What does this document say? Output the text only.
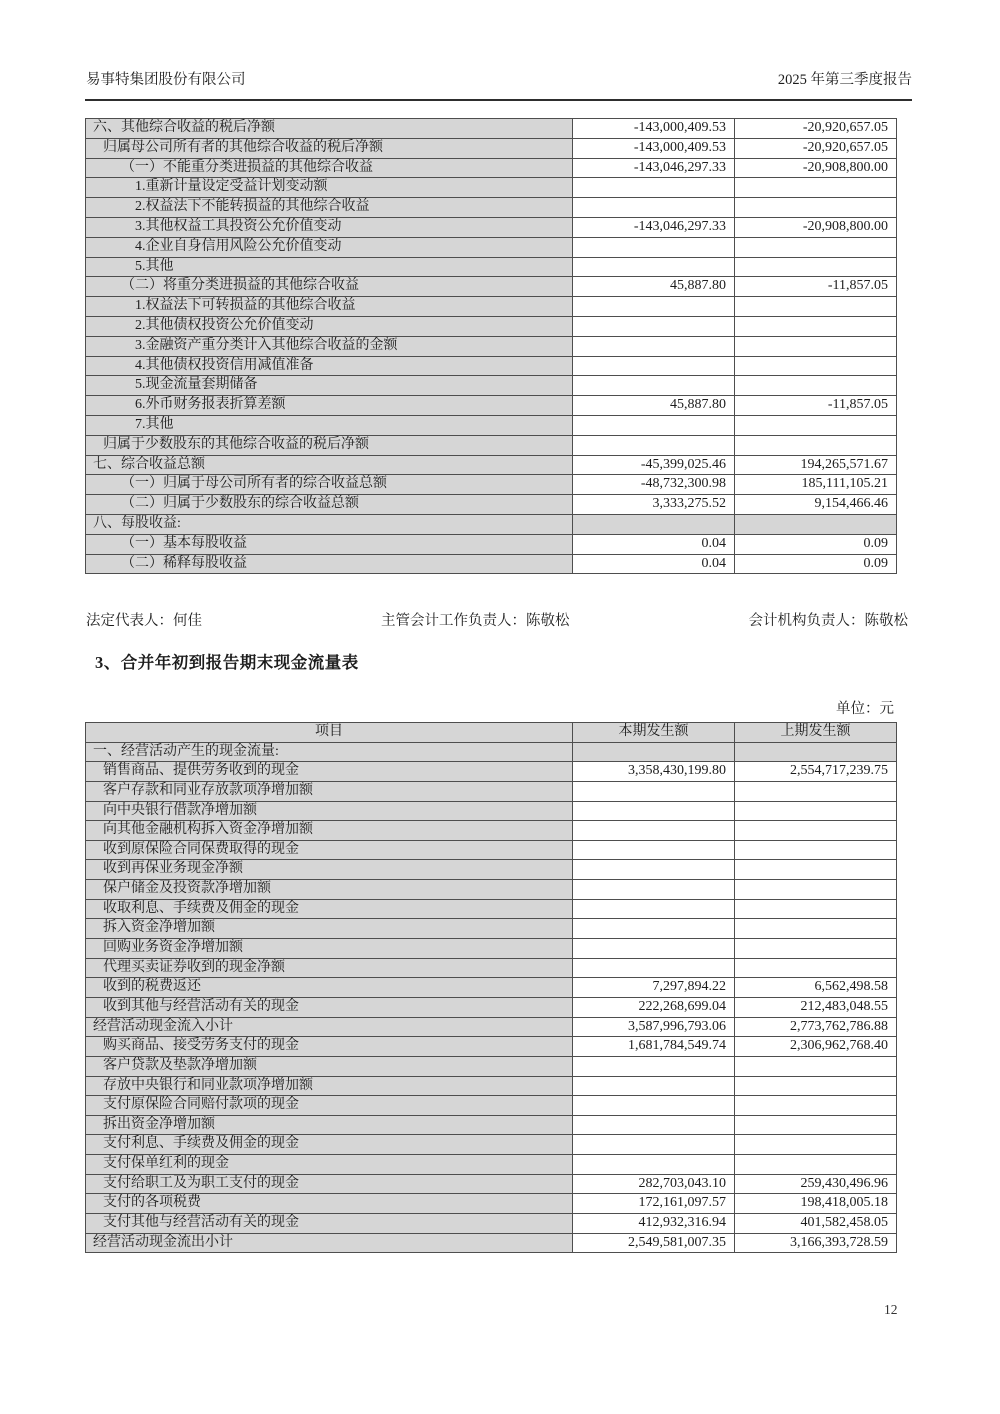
易事特集团股份有限公司	2025 年第三季度报告
六、其他综合收益的税后净额	-143,000,409.53	-20,920,657.05
归属母公司所有者的其他综合收益的税后净额	-143,000,409.53	-20,920,657.05
（一）不能重分类进损益的其他综合收益	-143,046,297.33	-20,908,800.00
1.重新计量设定受益计划变动额		
2.权益法下不能转损益的其他综合收益		
3.其他权益工具投资公允价值变动	-143,046,297.33	-20,908,800.00
4.企业自身信用风险公允价值变动		
5.其他		
（二）将重分类进损益的其他综合收益	45,887.80	-11,857.05
1.权益法下可转损益的其他综合收益		
2.其他债权投资公允价值变动		
3.金融资产重分类计入其他综合收益的金额		
4.其他债权投资信用减值准备		
5.现金流量套期储备		
6.外币财务报表折算差额	45,887.80	-11,857.05
7.其他		
归属于少数股东的其他综合收益的税后净额		
七、综合收益总额	-45,399,025.46	194,265,571.67
（一）归属于母公司所有者的综合收益总额	-48,732,300.98	185,111,105.21
（二）归属于少数股东的综合收益总额	3,333,275.52	9,154,466.46
八、每股收益:		
（一）基本每股收益	0.04	0.09
（二）稀释每股收益	0.04	0.09
法定代表人：何佳	主管会计工作负责人：陈敬松	会计机构负责人：陈敬松
3、合并年初到报告期末现金流量表
单位：元
项目	本期发生额	上期发生额
一、经营活动产生的现金流量:		
销售商品、提供劳务收到的现金	3,358,430,199.80	2,554,717,239.75
客户存款和同业存放款项净增加额		
向中央银行借款净增加额		
向其他金融机构拆入资金净增加额		
收到原保险合同保费取得的现金		
收到再保业务现金净额		
保户储金及投资款净增加额		
收取利息、手续费及佣金的现金		
拆入资金净增加额		
回购业务资金净增加额		
代理买卖证券收到的现金净额		
收到的税费返还	7,297,894.22	6,562,498.58
收到其他与经营活动有关的现金	222,268,699.04	212,483,048.55
经营活动现金流入小计	3,587,996,793.06	2,773,762,786.88
购买商品、接受劳务支付的现金	1,681,784,549.74	2,306,962,768.40
客户贷款及垫款净增加额		
存放中央银行和同业款项净增加额		
支付原保险合同赔付款项的现金		
拆出资金净增加额		
支付利息、手续费及佣金的现金		
支付保单红利的现金		
支付给职工及为职工支付的现金	282,703,043.10	259,430,496.96
支付的各项税费	172,161,097.57	198,418,005.18
支付其他与经营活动有关的现金	412,932,316.94	401,582,458.05
经营活动现金流出小计	2,549,581,007.35	3,166,393,728.59
12
